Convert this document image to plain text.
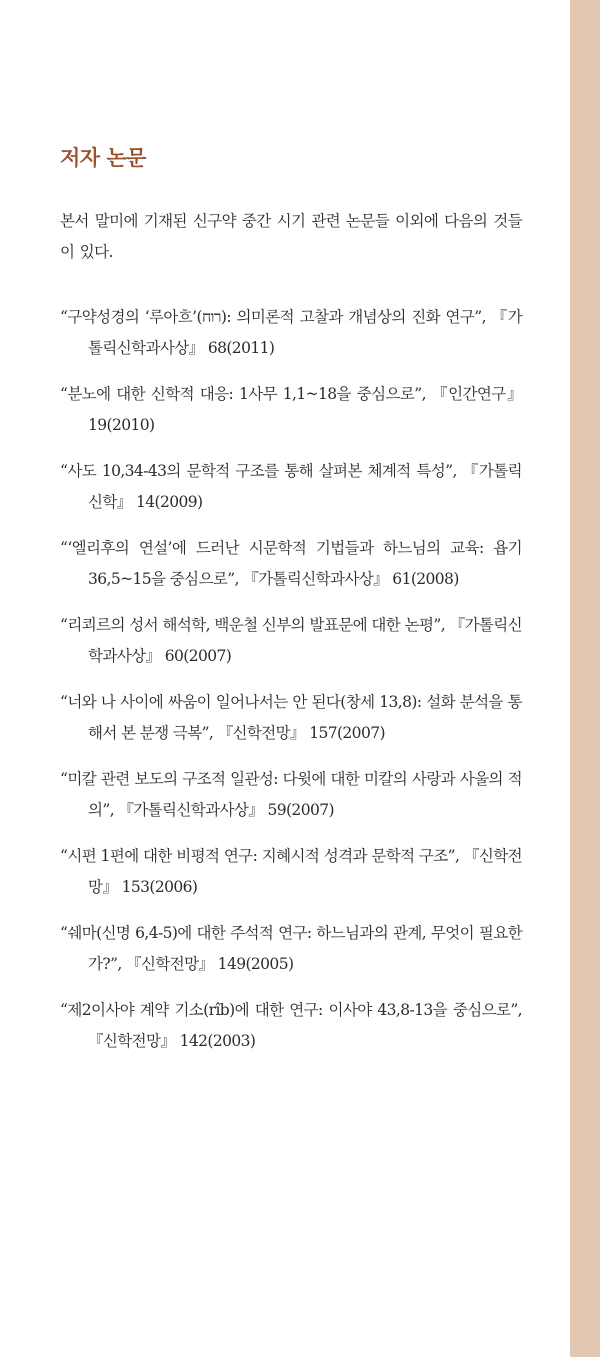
저자 논문

본서 말미에 기재된 신구약 중간 시기 관련 논문들 이외에 다음의 것들이 있다.

“구약성경의 ‘루아흐’(רוח): 의미론적 고찰과 개념상의 진화 연구”, 『가톨릭신학과사상』 68(2011)
“분노에 대한 신학적 대응: 1사무 1,1~18을 중심으로”, 『인간연구』 19(2010)
“사도 10,34-43의 문학적 구조를 통해 살펴본 체계적 특성”, 『가톨릭신학』 14(2009)
“‘엘리후의 연설’에 드러난 시문학적 기법들과 하느님의 교육: 욥기 36,5~15을 중심으로”, 『가톨릭신학과사상』 61(2008)
“리쾨르의 성서 해석학, 백운철 신부의 발표문에 대한 논평”, 『가톨릭신학과사상』 60(2007)
“너와 나 사이에 싸움이 일어나서는 안 된다(창세 13,8): 설화 분석을 통해서 본 분쟁 극복”, 『신학전망』 157(2007)
“미칼 관련 보도의 구조적 일관성: 다윗에 대한 미칼의 사랑과 사울의 적의”, 『가톨릭신학과사상』 59(2007)
“시편 1편에 대한 비평적 연구: 지혜시적 성격과 문학적 구조”, 『신학전망』 153(2006)
“쉐마(신명 6,4-5)에 대한 주석적 연구: 하느님과의 관계, 무엇이 필요한가?”, 『신학전망』 149(2005)
“제2이사야 계약 기소(rîb)에 대한 연구: 이사야 43,8-13을 중심으로”, 『신학전망』 142(2003)
